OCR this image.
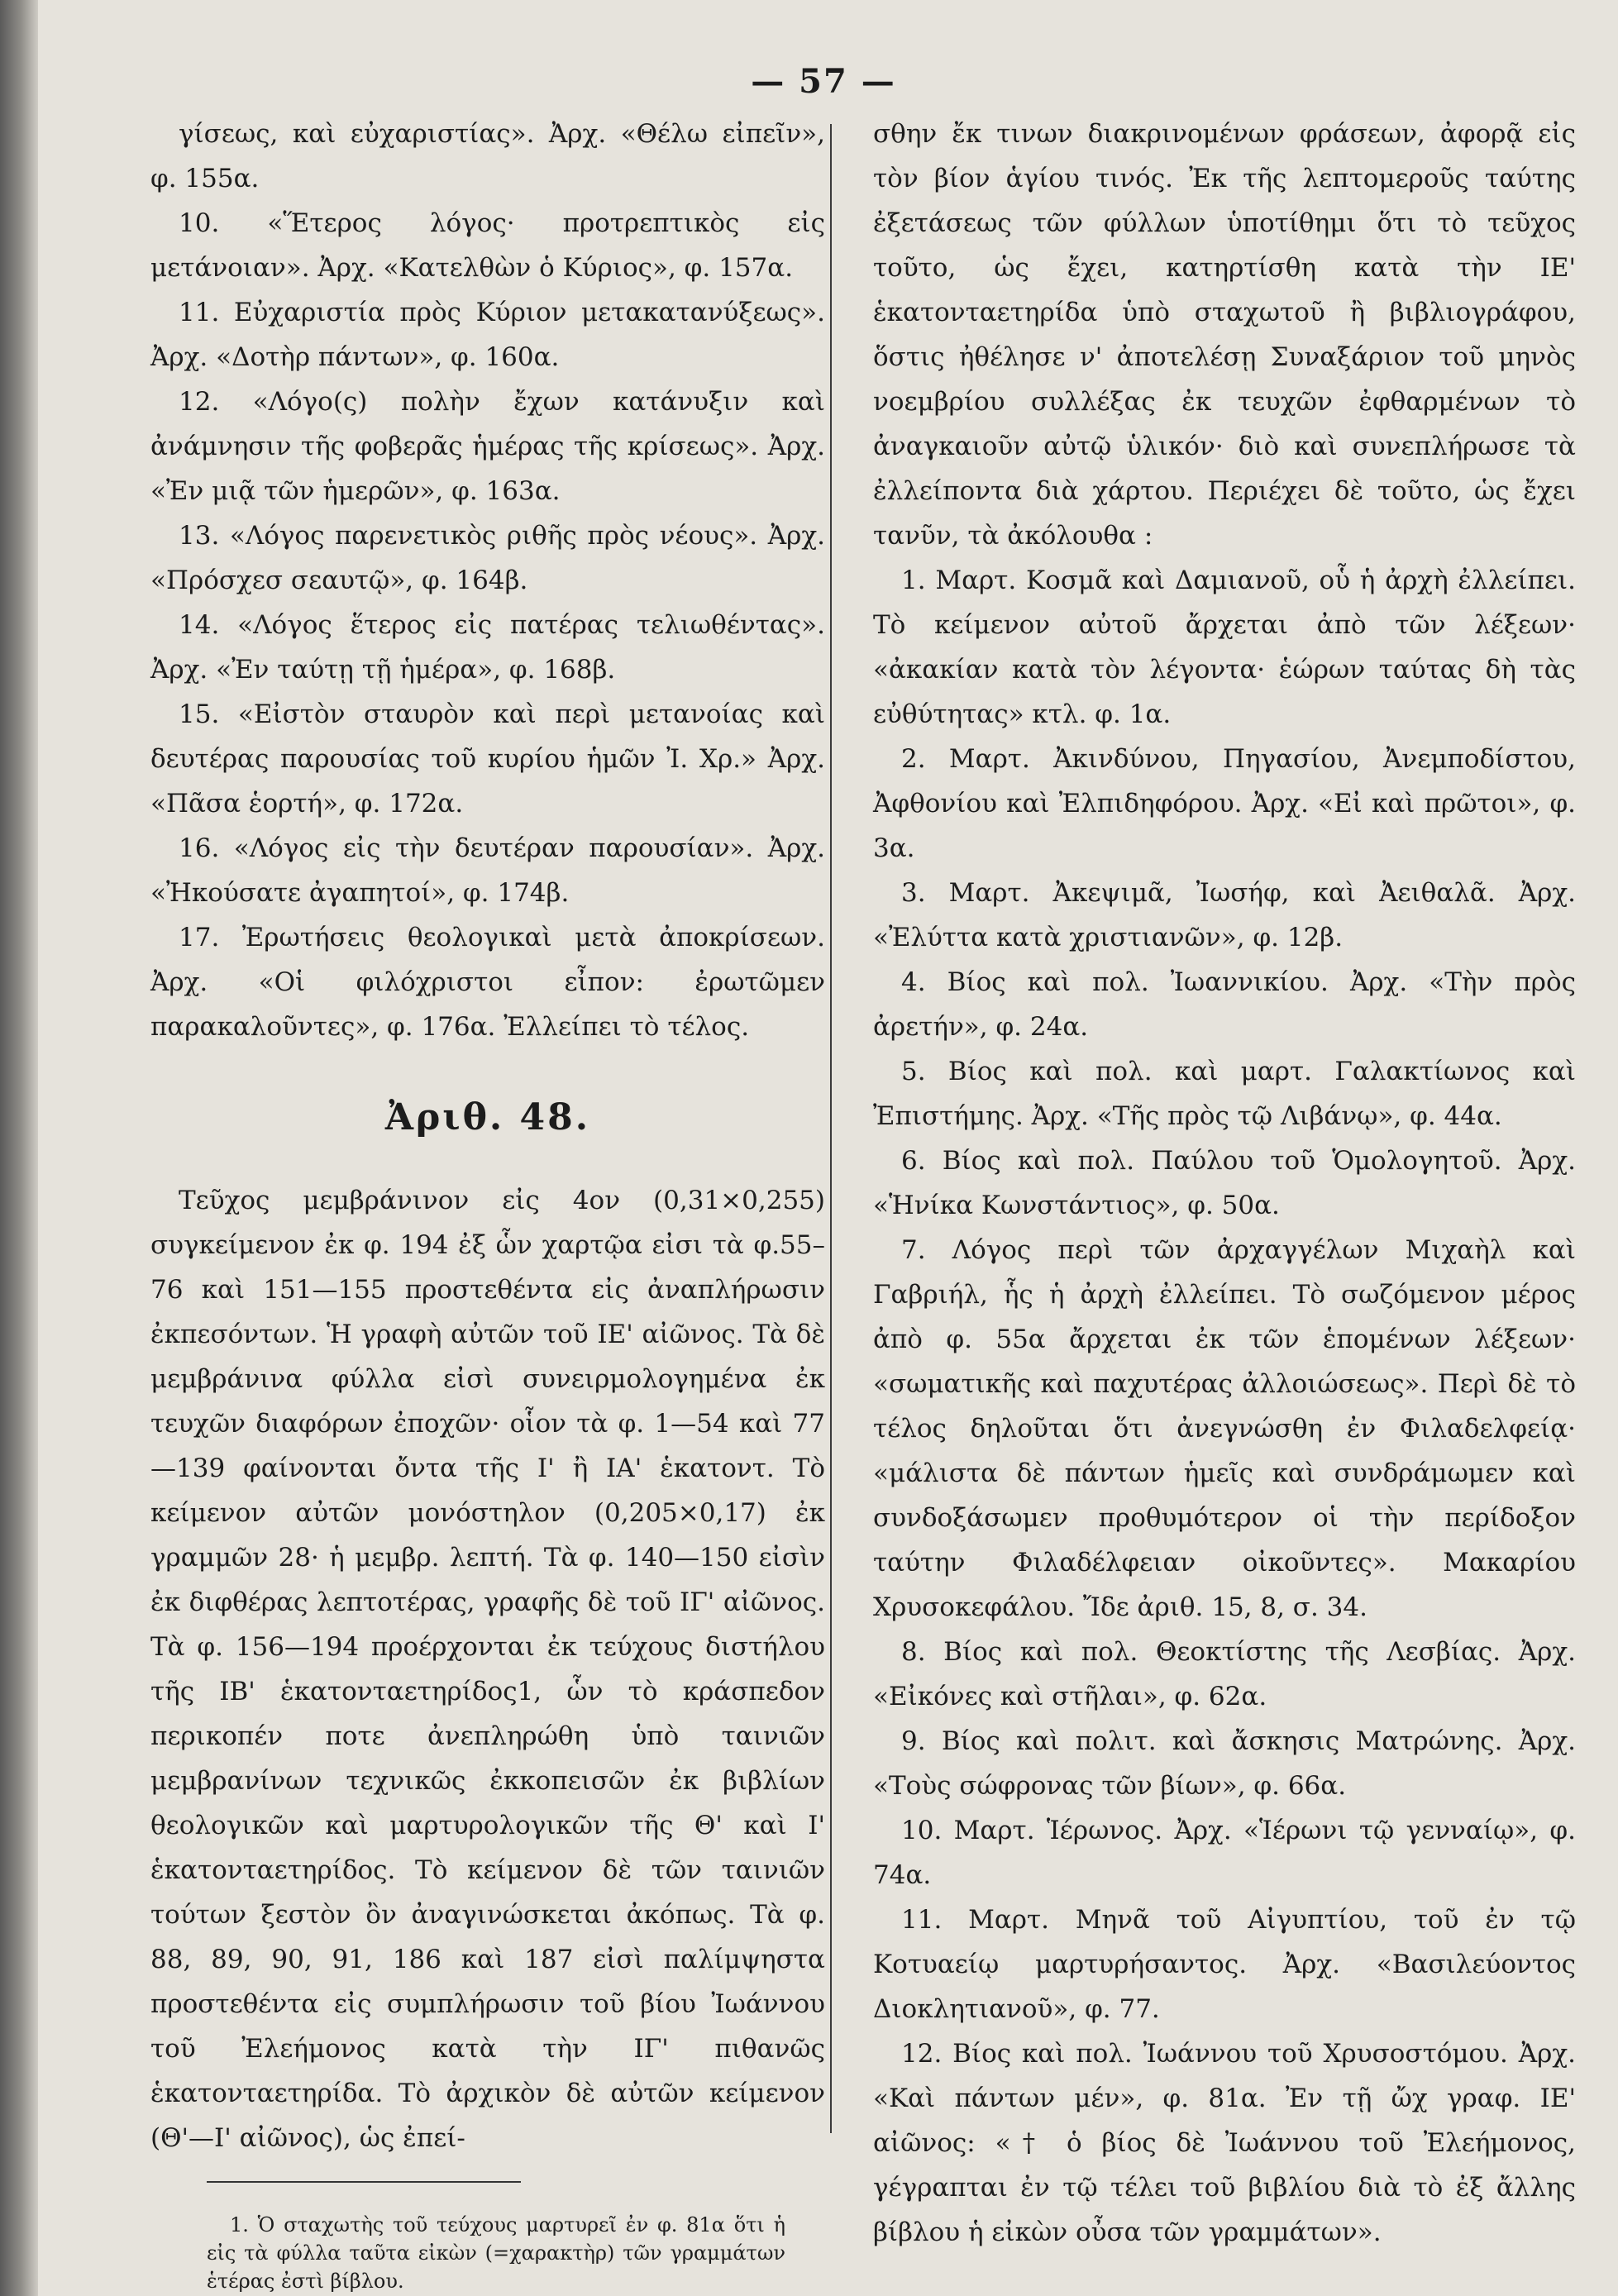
— 57 —

γίσεως, καὶ εὐχαριστίας». Ἀρχ. «Θέλω εἰπεῖν», φ. 155α.

10. «Ἕτερος λόγος· προτρεπτικὸς εἰς μετάνοιαν». Ἀρχ. «Κατελθὼν ὁ Κύριος», φ. 157α.

11. Εὐχαριστία πρὸς Κύριον μετακατανύξεως». Ἀρχ. «Δοτὴρ πάντων», φ. 160α.

12. «Λόγο(ς) πολὴν ἔχων κατάνυξιν καὶ ἀνάμνησιν τῆς φοβερᾶς ἡμέρας τῆς κρίσεως». Ἀρχ. «Ἐν μιᾷ τῶν ἡμερῶν», φ. 163α.

13. «Λόγος παρενετικὸς ριθῆς πρὸς νέους». Ἀρχ. «Πρόσχεσ σεαυτῷ», φ. 164β.

14. «Λόγος ἕτερος εἰς πατέρας τελιωθέντας». Ἀρχ. «Ἐν ταύτῃ τῇ ἡμέρα», φ. 168β.

15. «Εἰστὸν σταυρὸν καὶ περὶ μετανοίας καὶ δευτέρας παρουσίας τοῦ κυρίου ἡμῶν Ἰ. Χρ.» Ἀρχ. «Πᾶσα ἑορτή», φ. 172α.

16. «Λόγος εἰς τὴν δευτέραν παρουσίαν». Ἀρχ. «Ἠκούσατε ἀγαπητοί», φ. 174β.

17. Ἐρωτήσεις θεολογικαὶ μετὰ ἀποκρίσεων. Ἀρχ. «Οἱ φιλόχριστοι εἶπον: ἐρωτῶμεν παρακαλοῦντες», φ. 176α. Ἐλλείπει τὸ τέλος.

Ἀριθ. 48.

Τεῦχος μεμβράνινον εἰς 4ον (0,31×0,255) συγκείμενον ἐκ φ. 194 ἐξ ὧν χαρτῷα εἰσι τὰ φ.55–76 καὶ 151—155 προστεθέντα εἰς ἀναπλήρωσιν ἐκπεσόντων. Ἡ γραφὴ αὐτῶν τοῦ ΙΕ' αἰῶνος. Τὰ δὲ μεμβράνινα φύλλα εἰσὶ συνειρμολογημένα ἐκ τευχῶν διαφόρων ἐποχῶν· οἷον τὰ φ. 1—54 καὶ 77—139 φαίνονται ὄντα τῆς Ι' ἢ ΙΑ' ἑκατοντ. Τὸ κείμενον αὐτῶν μονόστηλον (0,205×0,17) ἐκ γραμμῶν 28· ἡ μεμβρ. λεπτή. Τὰ φ. 140—150 εἰσὶν ἐκ διφθέρας λεπτοτέρας, γραφῆς δὲ τοῦ ΙΓ' αἰῶνος. Τὰ φ. 156—194 προέρχονται ἐκ τεύχους διστήλου τῆς ΙΒ' ἑκατονταετηρίδος1, ὧν τὸ κράσπεδον περικοπέν ποτε ἀνεπληρώθη ὑπὸ ταινιῶν μεμβρανίνων τεχνικῶς ἐκκοπεισῶν ἐκ βιβλίων θεολογικῶν καὶ μαρτυρολογικῶν τῆς Θ' καὶ Ι' ἑκατονταετηρίδος. Τὸ κείμενον δὲ τῶν ταινιῶν τούτων ξεστὸν ὂν ἀναγινώσκεται ἀκόπως. Τὰ φ. 88, 89, 90, 91, 186 καὶ 187 εἰσὶ παλίμψηστα προστεθέντα εἰς συμπλήρωσιν τοῦ βίου Ἰωάννου τοῦ Ἐλεήμονος κατὰ τὴν ΙΓ' πιθανῶς ἑκατονταετηρίδα. Τὸ ἀρχικὸν δὲ αὐτῶν κείμενον (Θ'—Ι' αἰῶνος), ὡς ἐπεί-

σθην ἔκ τινων διακρινομένων φράσεων, ἀφορᾷ εἰς τὸν βίον ἁγίου τινός. Ἐκ τῆς λεπτομεροῦς ταύτης ἐξετάσεως τῶν φύλλων ὑποτίθημι ὅτι τὸ τεῦχος τοῦτο, ὡς ἔχει, κατηρτίσθη κατὰ τὴν ΙΕ' ἑκατονταετηρίδα ὑπὸ σταχωτοῦ ἢ βιβλιογράφου, ὅστις ἠθέλησε ν' ἀποτελέσῃ Συναξάριον τοῦ μηνὸς νοεμβρίου συλλέξας ἐκ τευχῶν ἐφθαρμένων τὸ ἀναγκαιοῦν αὐτῷ ὑλικόν· διὸ καὶ συνεπλήρωσε τὰ ἐλλείποντα διὰ χάρτου. Περιέχει δὲ τοῦτο, ὡς ἔχει τανῦν, τὰ ἀκόλουθα :

1. Μαρτ. Κοσμᾶ καὶ Δαμιανοῦ, οὗ ἡ ἀρχὴ ἐλλείπει. Τὸ κείμενον αὐτοῦ ἄρχεται ἀπὸ τῶν λέξεων· «ἀκακίαν κατὰ τὸν λέγοντα· ἑώρων ταύτας δὴ τὰς εὐθύτητας» κτλ. φ. 1α.

2. Μαρτ. Ἀκινδύνου, Πηγασίου, Ἀνεμποδίστου, Ἀφθονίου καὶ Ἐλπιδηφόρου. Ἀρχ. «Εἰ καὶ πρῶτοι», φ. 3α.

3. Μαρτ. Ἀκεψιμᾶ, Ἰωσήφ, καὶ Ἀειθαλᾶ. Ἀρχ. «Ἐλύττα κατὰ χριστιανῶν», φ. 12β.

4. Βίος καὶ πολ. Ἰωαννικίου. Ἀρχ. «Τὴν πρὸς ἀρετήν», φ. 24α.

5. Βίος καὶ πολ. καὶ μαρτ. Γαλακτίωνος καὶ Ἐπιστήμης. Ἀρχ. «Τῆς πρὸς τῷ Λιβάνῳ», φ. 44α.

6. Βίος καὶ πολ. Παύλου τοῦ Ὁμολογητοῦ. Ἀρχ. «Ἡνίκα Κωνστάντιος», φ. 50α.

7. Λόγος περὶ τῶν ἀρχαγγέλων Μιχαὴλ καὶ Γαβριήλ, ἧς ἡ ἀρχὴ ἐλλείπει. Τὸ σωζόμενον μέρος ἀπὸ φ. 55α ἄρχεται ἐκ τῶν ἑπομένων λέξεων· «σωματικῆς καὶ παχυτέρας ἀλλοιώσεως». Περὶ δὲ τὸ τέλος δηλοῦται ὅτι ἀνεγνώσθη ἐν Φιλαδελφείᾳ· «μάλιστα δὲ πάντων ἡμεῖς καὶ συνδράμωμεν καὶ συνδοξάσωμεν προθυμότερον οἱ τὴν περίδοξον ταύτην Φιλαδέλφειαν οἰκοῦντες». Μακαρίου Χρυσοκεφάλου. Ἴδε ἀριθ. 15, 8, σ. 34.

8. Βίος καὶ πολ. Θεοκτίστης τῆς Λεσβίας. Ἀρχ. «Εἰκόνες καὶ στῆλαι», φ. 62α.

9. Βίος καὶ πολιτ. καὶ ἄσκησις Ματρώνης. Ἀρχ. «Τοὺς σώφρονας τῶν βίων», φ. 66α.

10. Μαρτ. Ἱέρωνος. Ἀρχ. «Ἱέρωνι τῷ γενναίῳ», φ. 74α.

11. Μαρτ. Μηνᾶ τοῦ Αἰγυπτίου, τοῦ ἐν τῷ Κοτυαείῳ μαρτυρήσαντος. Ἀρχ. «Βασιλεύοντος Διοκλητιανοῦ», φ. 77.

12. Βίος καὶ πολ. Ἰωάννου τοῦ Χρυσοστόμου. Ἀρχ. «Καὶ πάντων μέν», φ. 81α. Ἐν τῇ ὤχ γραφ. ΙΕ' αἰῶνος: «† ὁ βίος δὲ Ἰωάννου τοῦ Ἐλεήμονος, γέγραπται ἐν τῷ τέλει τοῦ βιβλίου διὰ τὸ ἐξ ἄλλης βίβλου ἡ εἰκὼν οὖσα τῶν γραμμάτων».

1. Ὁ σταχωτὴς τοῦ τεύχους μαρτυρεῖ ἐν φ. 81α ὅτι ἡ εἰς τὰ φύλλα ταῦτα εἰκὼν (=χαρακτὴρ) τῶν γραμμάτων ἑτέρας ἐστὶ βίβλου.
